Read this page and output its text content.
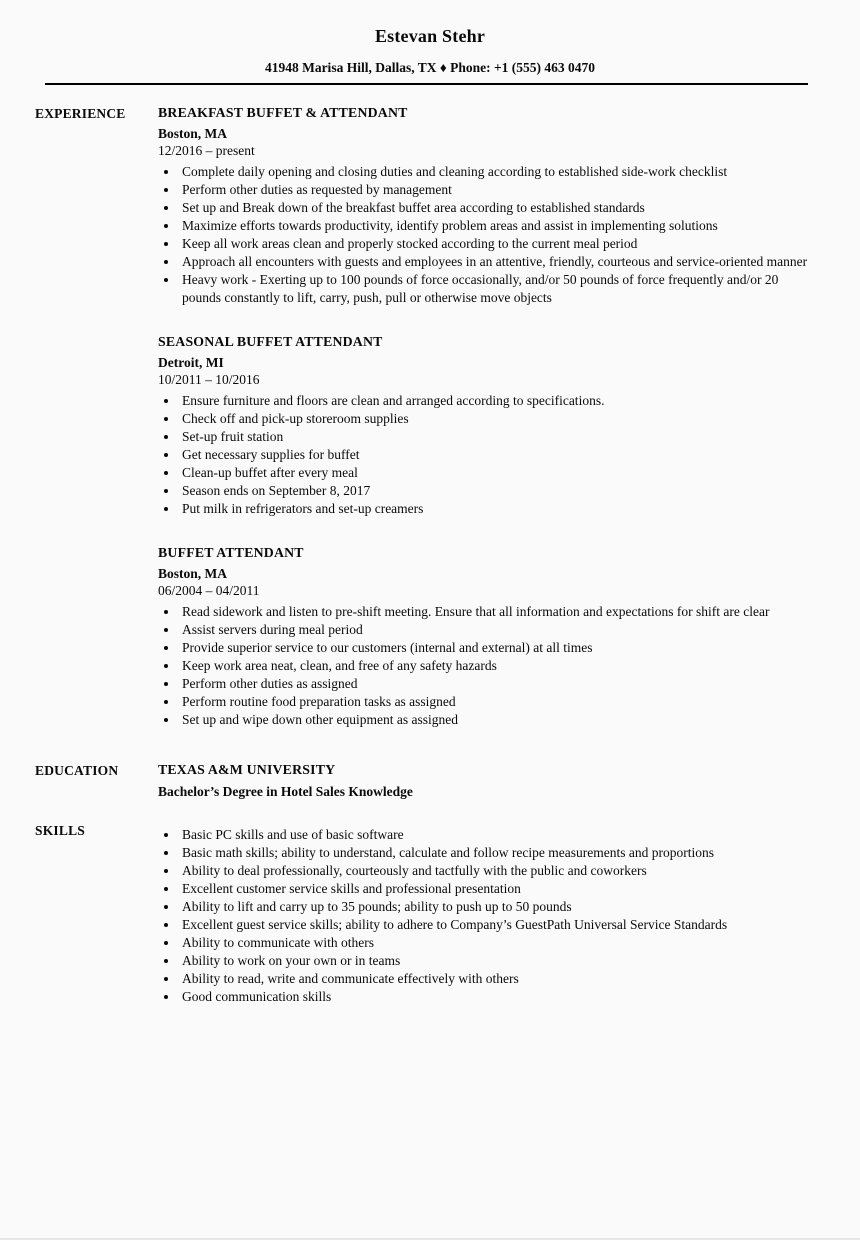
Estevan Stehr
41948 Marisa Hill, Dallas, TX ♦ Phone: +1 (555) 463 0470
EXPERIENCE	BREAKFAST BUFFET & ATTENDANT
Boston, MA
12/2016 – present
• Complete daily opening and closing duties and cleaning according to established side-work checklist
• Perform other duties as requested by management
• Set up and Break down of the breakfast buffet area according to established standards
• Maximize efforts towards productivity, identify problem areas and assist in implementing solutions
• Keep all work areas clean and properly stocked according to the current meal period
• Approach all encounters with guests and employees in an attentive, friendly, courteous and service-oriented manner
• Heavy work - Exerting up to 100 pounds of force occasionally, and/or 50 pounds of force frequently and/or 20 pounds constantly to lift, carry, push, pull or otherwise move objects
SEASONAL BUFFET ATTENDANT
Detroit, MI
10/2011 – 10/2016
• Ensure furniture and floors are clean and arranged according to specifications.
• Check off and pick-up storeroom supplies
• Set-up fruit station
• Get necessary supplies for buffet
• Clean-up buffet after every meal
• Season ends on September 8, 2017
• Put milk in refrigerators and set-up creamers
BUFFET ATTENDANT
Boston, MA
06/2004 – 04/2011
• Read sidework and listen to pre-shift meeting. Ensure that all information and expectations for shift are clear
• Assist servers during meal period
• Provide superior service to our customers (internal and external) at all times
• Keep work area neat, clean, and free of any safety hazards
• Perform other duties as assigned
• Perform routine food preparation tasks as assigned
• Set up and wipe down other equipment as assigned
EDUCATION	TEXAS A&M UNIVERSITY
Bachelor’s Degree in Hotel Sales Knowledge
SKILLS	• Basic PC skills and use of basic software
• Basic math skills; ability to understand, calculate and follow recipe measurements and proportions
• Ability to deal professionally, courteously and tactfully with the public and coworkers
• Excellent customer service skills and professional presentation
• Ability to lift and carry up to 35 pounds; ability to push up to 50 pounds
• Excellent guest service skills; ability to adhere to Company’s GuestPath Universal Service Standards
• Ability to communicate with others
• Ability to work on your own or in teams
• Ability to read, write and communicate effectively with others
• Good communication skills
